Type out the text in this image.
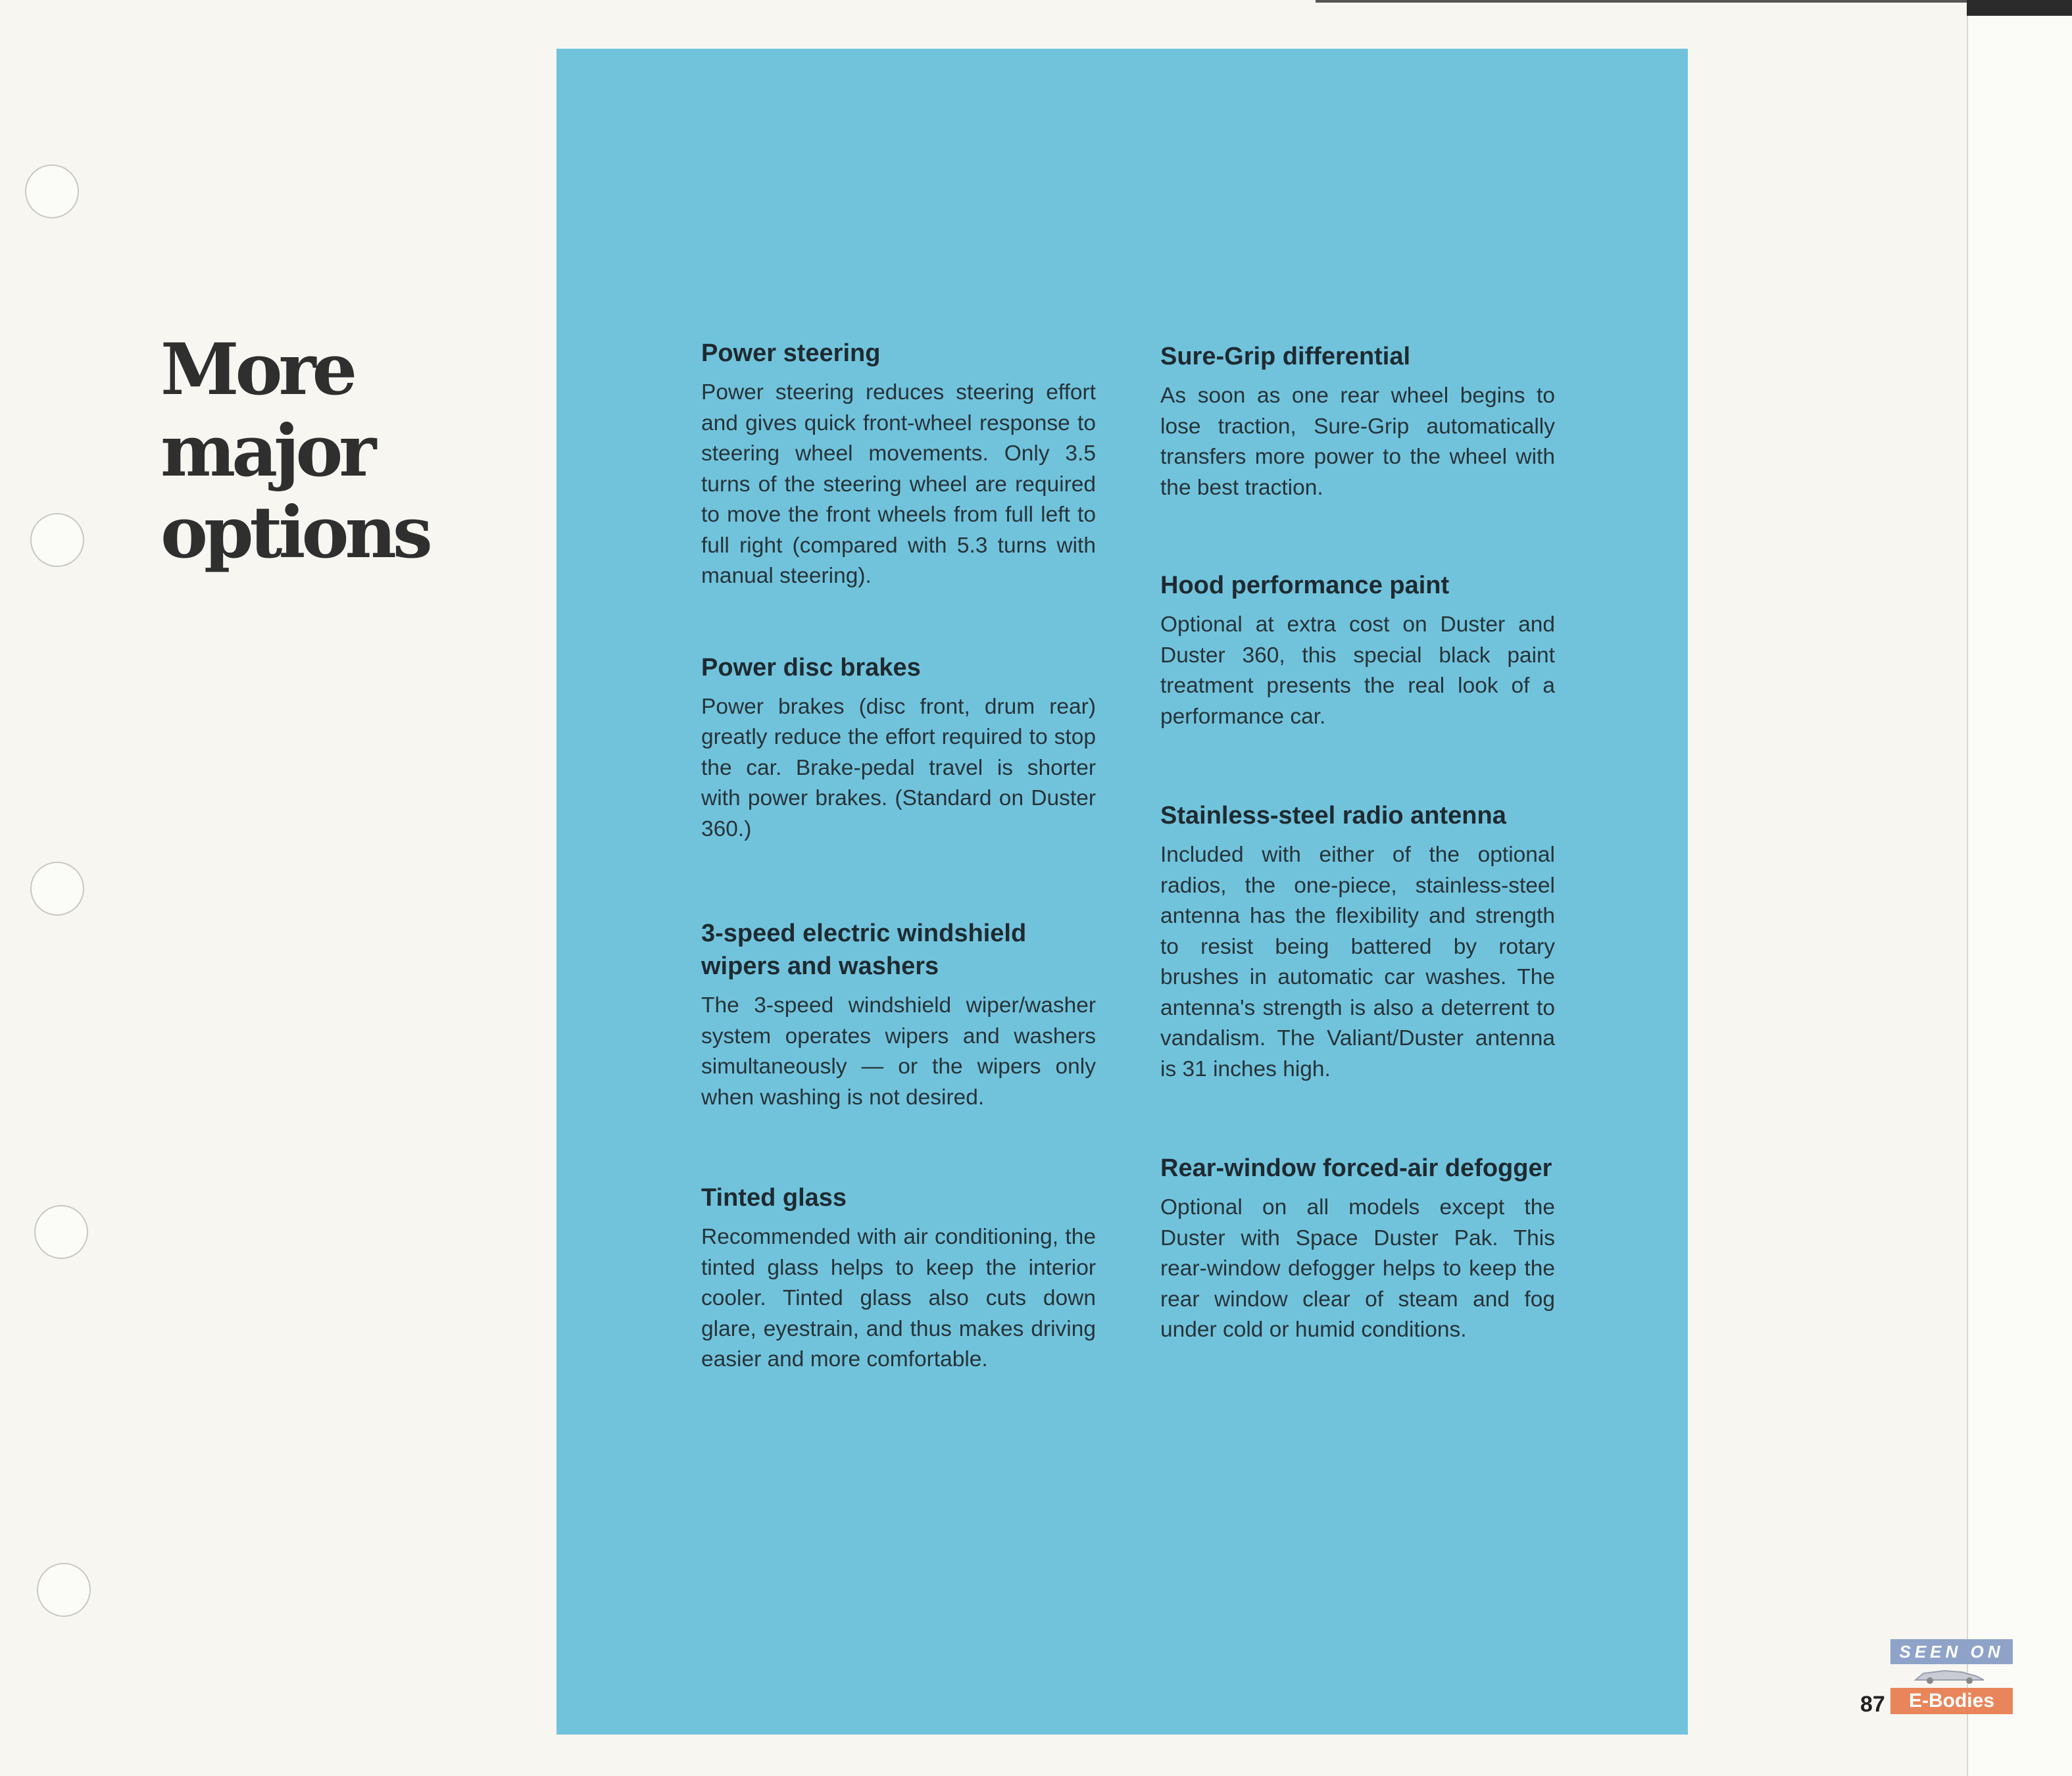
More
major
options
Power steering

Power steering reduces steering effort and gives quick front-wheel response to steering wheel movements. Only 3.5 turns of the steering wheel are required to move the front wheels from full left to full right (compared with 5.3 turns with manual steering).

Power disc brakes

Power brakes (disc front, drum rear) greatly reduce the effort required to stop the car. Brake-pedal travel is shorter with power brakes. (Standard on Duster 360.)

3-speed electric windshield wipers and washers

The 3-speed windshield wiper/washer system operates wipers and washers simultaneously — or the wipers only when washing is not desired.

Tinted glass

Recommended with air conditioning, the tinted glass helps to keep the interior cooler. Tinted glass also cuts down glare, eyestrain, and thus makes driving easier and more comfortable.

Sure-Grip differential

As soon as one rear wheel begins to lose traction, Sure-Grip automatically transfers more power to the wheel with the best traction.

Hood performance paint

Optional at extra cost on Duster and Duster 360, this special black paint treatment presents the real look of a performance car.

Stainless-steel radio antenna

Included with either of the optional radios, the one-piece, stainless-steel antenna has the flexibility and strength to resist being battered by rotary brushes in automatic car washes. The antenna's strength is also a deterrent to vandalism. The Valiant/Duster antenna is 31 inches high.

Rear-window forced-air defogger

Optional on all models except the Duster with Space Duster Pak. This rear-window defogger helps to keep the rear window clear of steam and fog under cold or humid conditions.

87
SEEN ON
E-Bodies
